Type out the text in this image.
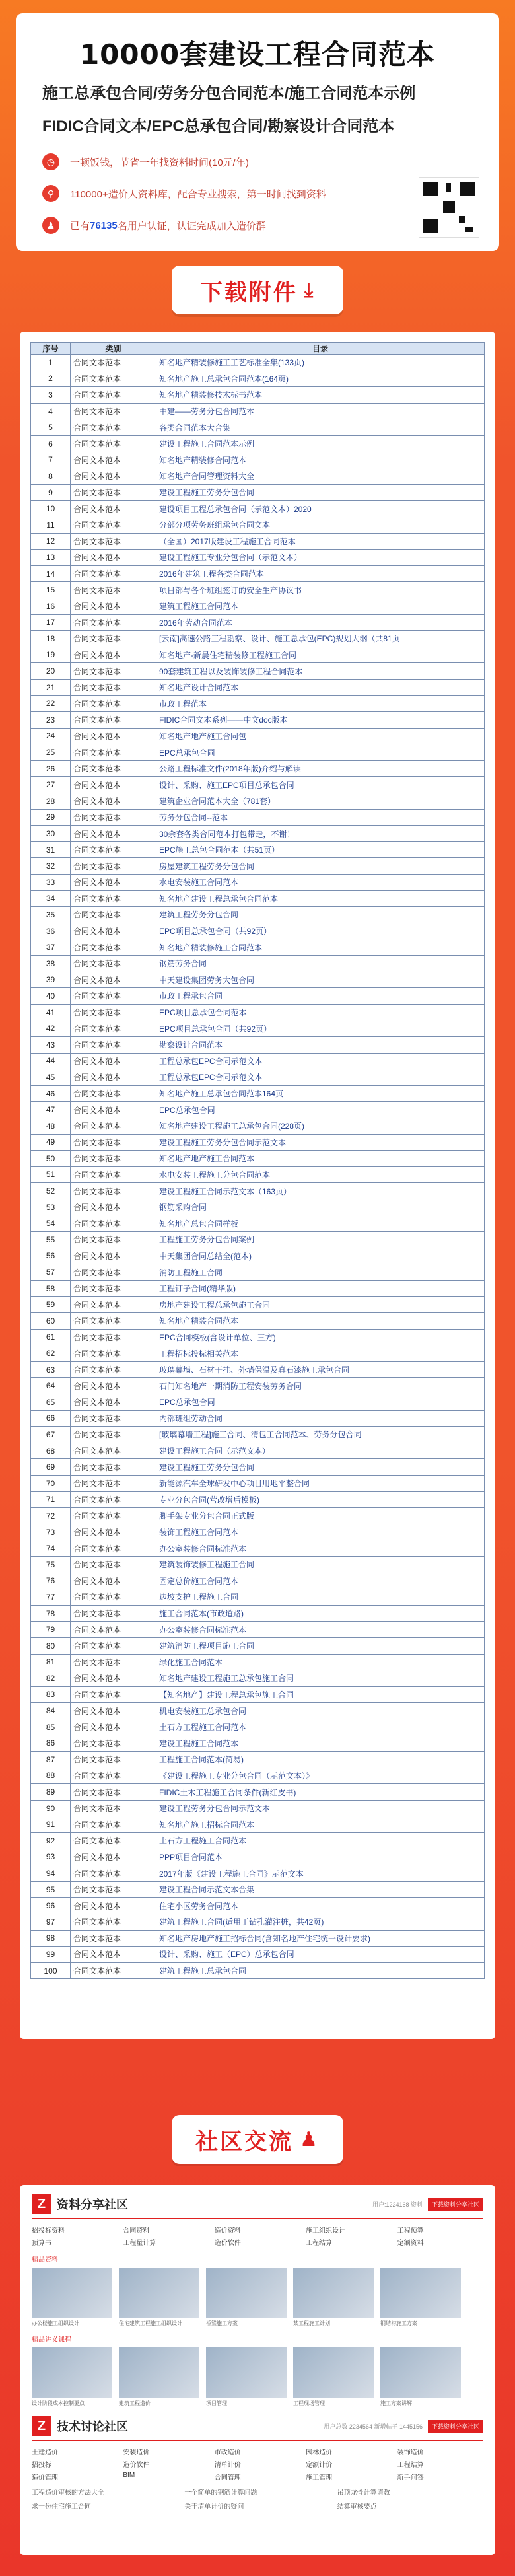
10000套建设工程合同范本

施工总承包合同/劳务分包合同范本/施工合同范本示例

FIDIC合同文本/EPC总承包合同/勘察设计合同范本

◷	一顿饭钱，节省一年找资料时间(10元/年)
⚲	110000+造价人资料库，配合专业搜索，第一时间找到资料
♟	已有 76135 名用户认证，认证完成加入造价群
下载附件 ⤓
序号	类别	目录
1	合同文本范本	知名地产精装修施工工艺标准全集(133页)
2	合同文本范本	知名地产施工总承包合同范本(164页)
3	合同文本范本	知名地产精装修技术标书范本
4	合同文本范本	中建——劳务分包合同范本
5	合同文本范本	各类合同范本大合集
6	合同文本范本	建设工程施工合同范本示例
7	合同文本范本	知名地产精装修合同范本
8	合同文本范本	知名地产合同管理资料大全
9	合同文本范本	建设工程施工劳务分包合同
10	合同文本范本	建设项目工程总承包合同（示范文本）2020
11	合同文本范本	分部分项劳务班组承包合同文本
12	合同文本范本	（全国）2017版建设工程施工合同范本
13	合同文本范本	建设工程施工专业分包合同（示范文本）
14	合同文本范本	2016年建筑工程各类合同范本
15	合同文本范本	项目部与各个班组签订的安全生产协议书
16	合同文本范本	建筑工程施工合同范本
17	合同文本范本	2016年劳动合同范本
18	合同文本范本	[云南]高速公路工程勘察、设计、施工总承包(EPC)规划大纲（共81页
19	合同文本范本	知名地产-新晨住宅精装修工程施工合同
20	合同文本范本	90套建筑工程以及装饰装修工程合同范本
21	合同文本范本	知名地产设计合同范本
22	合同文本范本	市政工程范本
23	合同文本范本	FIDIC合同文本系列——中文doc版本
24	合同文本范本	知名地产地产施工合同包
25	合同文本范本	EPC总承包合同
26	合同文本范本	公路工程标准文件(2018年版)介绍与解读
27	合同文本范本	设计、采购、施工EPC项目总承包合同
28	合同文本范本	建筑企业合同范本大全（781套）
29	合同文本范本	劳务分包合同--范本
30	合同文本范本	30余套各类合同范本打包带走，不谢！
31	合同文本范本	EPC施工总包合同范本（共51页）
32	合同文本范本	房屋建筑工程劳务分包合同
33	合同文本范本	水电安装施工合同范本
34	合同文本范本	知名地产建设工程总承包合同范本
35	合同文本范本	建筑工程劳务分包合同
36	合同文本范本	EPC项目总承包合同（共92页）
37	合同文本范本	知名地产精装修施工合同范本
38	合同文本范本	钢筋劳务合同
39	合同文本范本	中天建设集团劳务大包合同
40	合同文本范本	市政工程承包合同
41	合同文本范本	EPC项目总承包合同范本
42	合同文本范本	EPC项目总承包合同（共92页）
43	合同文本范本	勘察设计合同范本
44	合同文本范本	工程总承包EPC合同示范文本
45	合同文本范本	工程总承包EPC合同示范文本
46	合同文本范本	知名地产施工总承包合同范本164页
47	合同文本范本	EPC总承包合同
48	合同文本范本	知名地产建设工程施工总承包合同(228页)
49	合同文本范本	建设工程施工劳务分包合同示范文本
50	合同文本范本	知名地产地产施工合同范本
51	合同文本范本	水电安装工程施工分包合同范本
52	合同文本范本	建设工程施工合同示范文本（163页）
53	合同文本范本	钢筋采购合同
54	合同文本范本	知名地产总包合同样板
55	合同文本范本	工程施工劳务分包合同案例
56	合同文本范本	中天集团合同总结全(范本)
57	合同文本范本	消防工程施工合同
58	合同文本范本	工程钉子合同(精华版)
59	合同文本范本	房地产建设工程总承包施工合同
60	合同文本范本	知名地产精装合同范本
61	合同文本范本	EPC合同模板(含设计单位、三方)
62	合同文本范本	工程招标投标相关范本
63	合同文本范本	玻璃幕墙、石材干挂、外墙保温及真石漆施工承包合同
64	合同文本范本	石门知名地产一期消防工程安装劳务合同
65	合同文本范本	EPC总承包合同
66	合同文本范本	内部班组劳动合同
67	合同文本范本	[玻璃幕墙工程]施工合同、清包工合同范本、劳务分包合同
68	合同文本范本	建设工程施工合同（示范文本）
69	合同文本范本	建设工程施工劳务分包合同
70	合同文本范本	新能源汽车全球研发中心项目用地平整合同
71	合同文本范本	专业分包合同(营改增后模板)
72	合同文本范本	脚手架专业分包合同正式版
73	合同文本范本	装饰工程施工合同范本
74	合同文本范本	办公室装修合同标准范本
75	合同文本范本	建筑装饰装修工程施工合同
76	合同文本范本	固定总价施工合同范本
77	合同文本范本	边坡支护工程施工合同
78	合同文本范本	施工合同范本(市政道路)
79	合同文本范本	办公室装修合同标准范本
80	合同文本范本	建筑消防工程项目施工合同
81	合同文本范本	绿化施工合同范本
82	合同文本范本	知名地产建设工程施工总承包施工合同
83	合同文本范本	【知名地产】建设工程总承包施工合同
84	合同文本范本	机电安装施工总承包合同
85	合同文本范本	土石方工程施工合同范本
86	合同文本范本	建设工程施工合同范本
87	合同文本范本	工程施工合同范本(简易)
88	合同文本范本	《建设工程施工专业分包合同（示范文本）》
89	合同文本范本	FIDIC土木工程施工合同条件(新红皮书)
90	合同文本范本	建设工程劳务分包合同示范文本
91	合同文本范本	知名地产施工招标合同范本
92	合同文本范本	土石方工程施工合同范本
93	合同文本范本	PPP项目合同范本
94	合同文本范本	2017年版《建设工程施工合同》示范文本
95	合同文本范本	建设工程合同示范文本合集
96	合同文本范本	住宅小区劳务合同范本
97	合同文本范本	建筑工程施工合同(适用于钻孔灌注桩，共42页)
98	合同文本范本	知名地产房地产施工招标合同(含知名地产住宅统一设计要求)
99	合同文本范本	设计、采购、施工（EPC）总承包合同
100	合同文本范本	建筑工程施工总承包合同
社区交流 ♟
Z 资料分享社区	用户:1224168 资料	下载资料分享社区
招投标资料	合同资料	造价资料	施工组织设计	工程预算
预算书	工程量计算	造价软件	工程结算	定额资料
精品资料

办公楼施工组织设计	住宅建筑工程施工组织设计	桥梁施工方案	某工程施工计划	钢结构施工方案

精品讲义课程

设计阶段成本控制要点	建筑工程造价	项目管理	工程现场管理	施工方案讲解

Z 技术讨论社区	用户总数 2234564 新增帖子 1445156	下载资料分享社区
土建造价	安装造价	市政造价	园林造价	装饰造价
招投标	造价软件	清单计价	定额计价	工程结算
造价管理	BIM	合同管理	施工管理	新手问答
工程造价审核的方法大全	一个简单的钢筋计算问题	吊顶龙骨计算请教
求一份住宅施工合同	关于清单计价的疑问	结算审核要点
